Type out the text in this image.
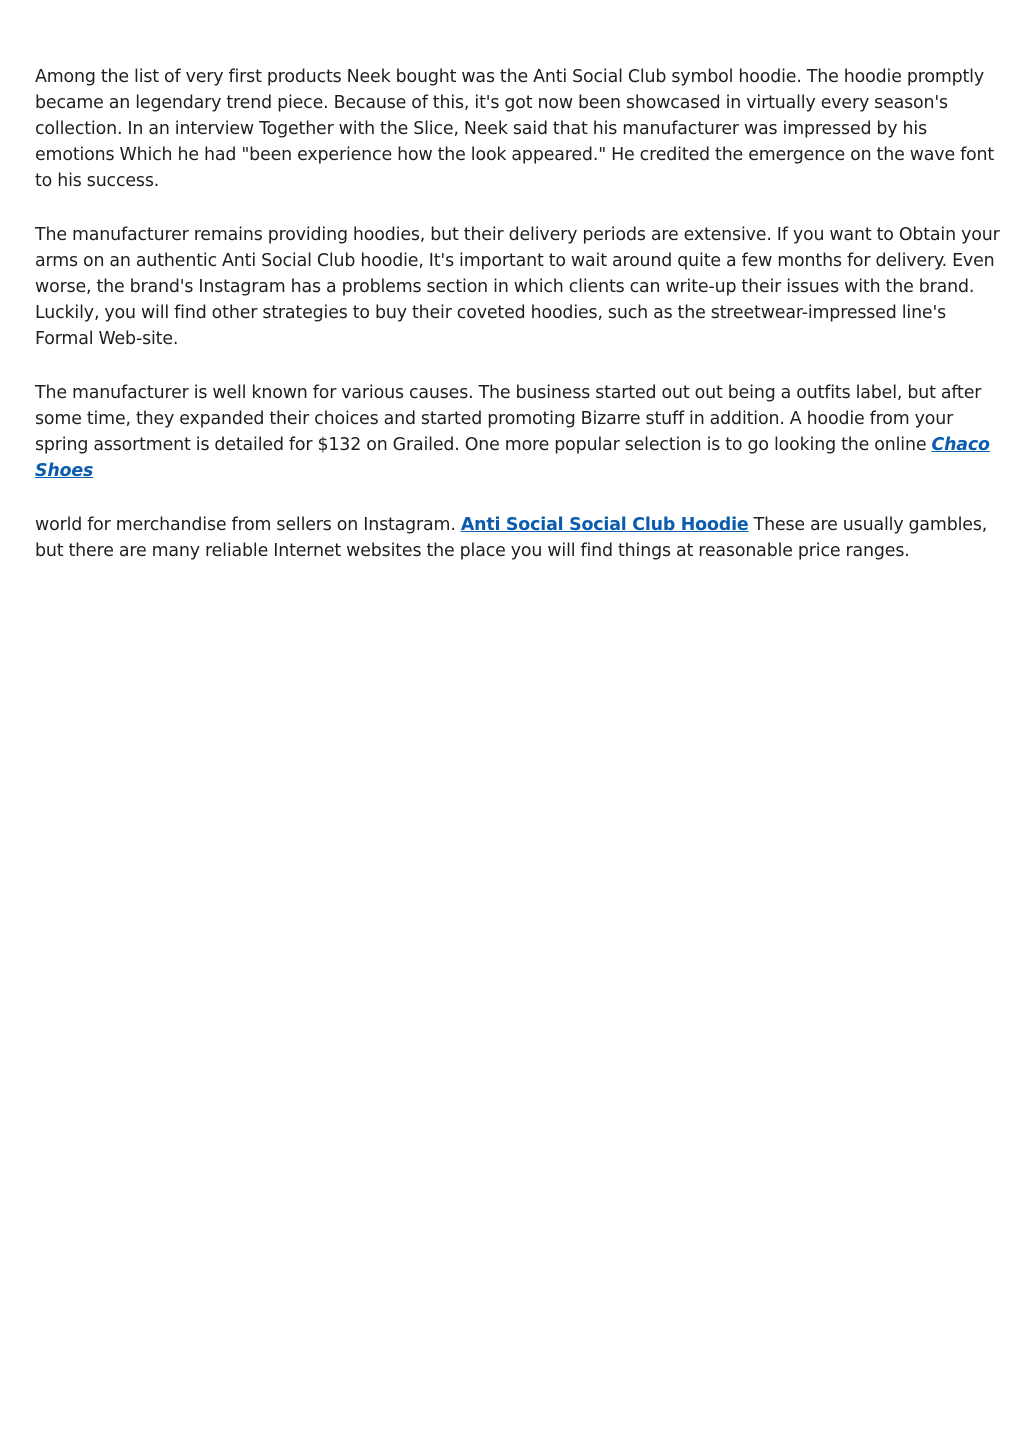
Among the list of very first products Neek bought was the Anti Social Club symbol hoodie. The hoodie promptly became an legendary trend piece. Because of this, it's got now been showcased in virtually every season's collection. In an interview Together with the Slice, Neek said that his manufacturer was impressed by his emotions Which he had "been experience how the look appeared." He credited the emergence on the wave font to his success.

The manufacturer remains providing hoodies, but their delivery periods are extensive. If you want to Obtain your arms on an authentic Anti Social Club hoodie, It's important to wait around quite a few months for delivery. Even worse, the brand's Instagram has a problems section in which clients can write-up their issues with the brand. Luckily, you will find other strategies to buy their coveted hoodies, such as the streetwear-impressed line's Formal Web-site.

The manufacturer is well known for various causes. The business started out out being a outfits label, but after some time, they expanded their choices and started promoting Bizarre stuff in addition. A hoodie from your spring assortment is detailed for $132 on Grailed. One more popular selection is to go looking the online Chaco Shoes

world for merchandise from sellers on Instagram. Anti Social Social Club Hoodie These are usually gambles, but there are many reliable Internet websites the place you will find things at reasonable price ranges.
